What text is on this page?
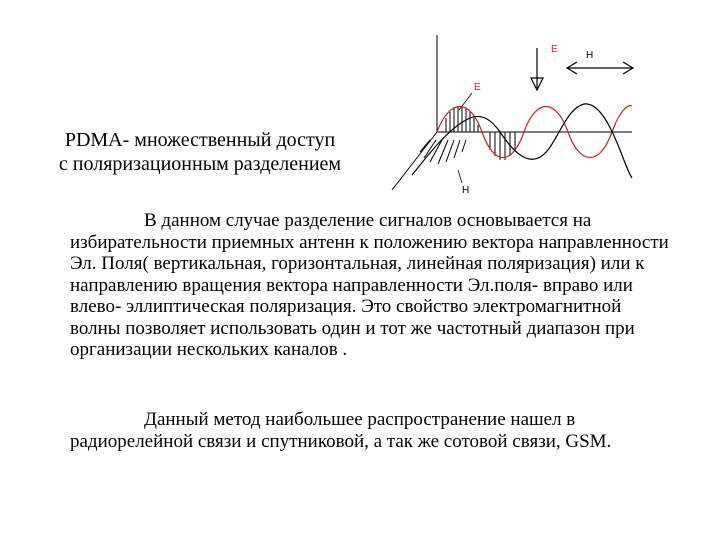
E
H
E
H
PDMA- множественный доступ
с поляризационным разделением

В данном случае разделение сигналов основывается на избирательности приемных антенн к положению вектора направленности Эл. Поля( вертикальная, горизонтальная, линейная поляризация) или к направлению вращения вектора направленности Эл.поля- вправо или влево- эллиптическая поляризация. Это свойство электромагнитной волны позволяет использовать один и тот же частотный диапазон при организации нескольких каналов .

Данный метод наибольшее распространение нашел в радиорелейной связи и спутниковой, а так же сотовой связи, GSM.
